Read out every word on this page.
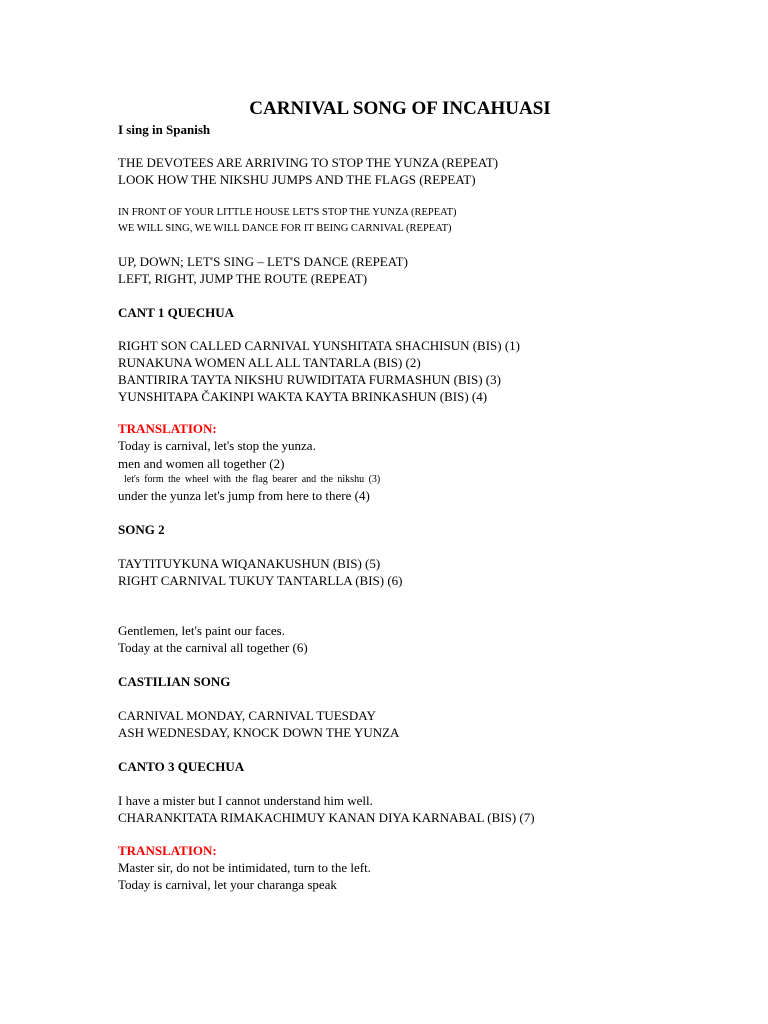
CARNIVAL SONG OF INCAHUASI
I sing in Spanish
THE DEVOTEES ARE ARRIVING TO STOP THE YUNZA (REPEAT)
LOOK HOW THE NIKSHU JUMPS AND THE FLAGS (REPEAT)
IN FRONT OF YOUR LITTLE HOUSE LET'S STOP THE YUNZA (REPEAT)
WE WILL SING, WE WILL DANCE FOR IT BEING CARNIVAL (REPEAT)
UP, DOWN; LET'S SING – LET'S DANCE (REPEAT)
LEFT, RIGHT, JUMP THE ROUTE (REPEAT)
CANT 1 QUECHUA
RIGHT SON CALLED CARNIVAL YUNSHITATA SHACHISUN (BIS) (1)
RUNAKUNA WOMEN ALL ALL TANTARLA (BIS) (2)
BANTIRIRA TAYTA NIKSHU RUWIDITATA FURMASHUN (BIS) (3)
YUNSHITAPA ČAKINPI WAKTA KAYTA BRINKASHUN (BIS) (4)
TRANSLATION:
Today is carnival, let's stop the yunza.
men and women all together (2)
let's form the wheel with the flag bearer and the nikshu (3)
under the yunza let's jump from here to there (4)
SONG 2
TAYTITUYKUNA WIQANAKUSHUN (BIS) (5)
RIGHT CARNIVAL TUKUY TANTARLLA (BIS) (6)
Gentlemen, let's paint our faces.
Today at the carnival all together (6)
CASTILIAN SONG
CARNIVAL MONDAY, CARNIVAL TUESDAY
ASH WEDNESDAY, KNOCK DOWN THE YUNZA
CANTO 3 QUECHUA
I have a mister but I cannot understand him well.
CHARANKITATA RIMAKACHIMUY KANAN DIYA KARNABAL (BIS) (7)
TRANSLATION:
Master sir, do not be intimidated, turn to the left.
Today is carnival, let your charanga speak
